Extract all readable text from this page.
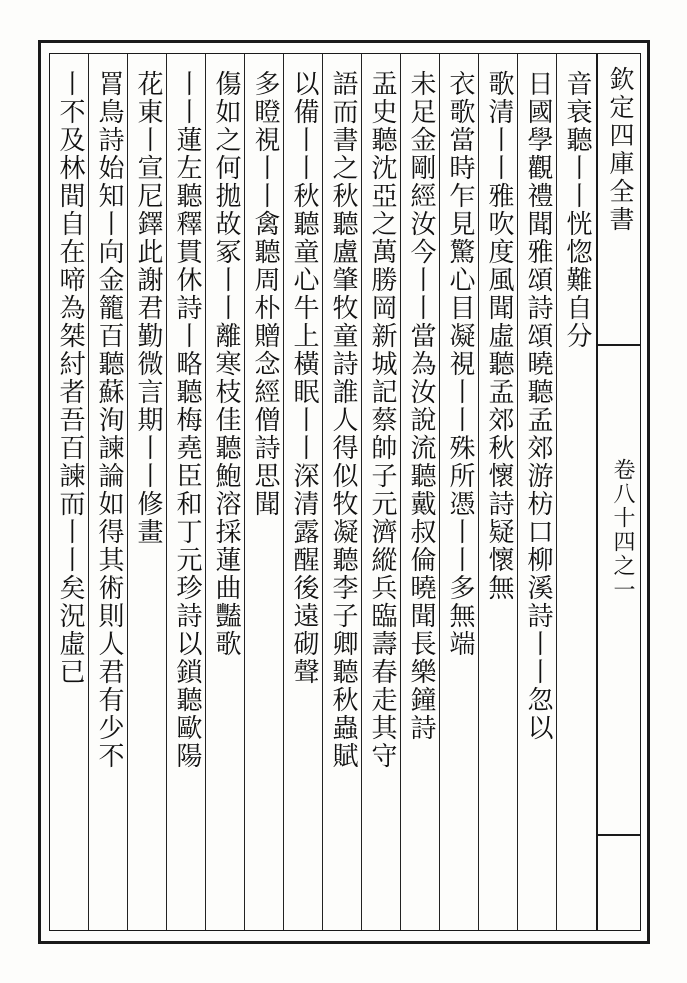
欽定四庫全書
卷八十四之一
音衰聽丨丨恍惚難自分
日國學觀禮聞雅頌詩頌曉聽孟郊游枋口柳溪詩丨丨忽以
歌清丨丨雅吹度風聞虛聽孟郊秋懷詩疑懷無
衣歌當時乍見驚心目凝視丨丨殊所憑丨丨多無端
未足金剛經汝今丨丨當為汝說流聽戴叔倫曉聞長樂鐘詩
盂史聽沈亞之萬勝岡新城記蔡帥子元濟縱兵臨壽春走其守
語而書之秋聽盧肇牧童詩誰人得似牧凝聽李子卿聽秋蟲賦
以備丨丨秋聽童心牛上橫眠丨丨深清露醒後遠砌聲
多瞪視丨丨禽聽周朴贈念經僧詩思聞
傷如之何拋故冢丨丨離寒枝佳聽鮑溶採蓮曲豔歌
丨丨蓮左聽釋貫休詩丨略聽梅堯臣和丁元珍詩以鎖聽歐陽
花東丨宣尼鐸此謝君勤微言期丨丨修畫
罥鳥詩始知丨向金籠百聽蘇洵諫論如得其術則人君有少不
丨不及林間自在啼為桀紂者吾百諫而丨丨矣況虛已
